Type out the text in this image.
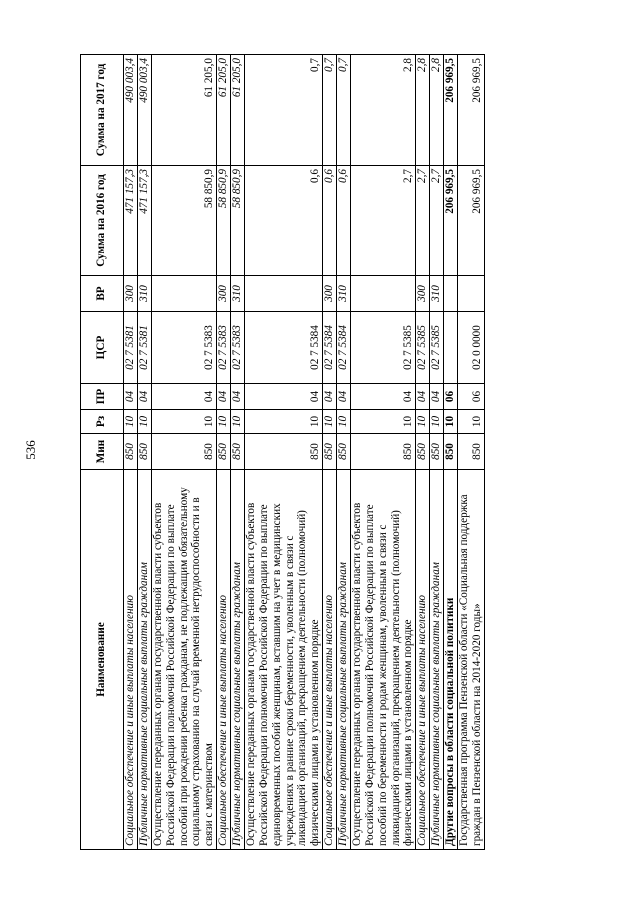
536
Наименование	Мин	Рз	ПР	ЦСР	ВР	Сумма на 2016 год	Сумма на 2017 год
Социальное обеспечение и иные выплаты населению	850	10	04	02 7 5381	300	471 157,3	490 003,4
Публичные нормативные социальные выплаты гражданам	850	10	04	02 7 5381	310	471 157,3	490 003,4
Осуществление переданных органам государственной власти субъектов Российской Федерации полномочий Российской Федерации по выплате пособий при рождении ребенка гражданам, не подлежащим обязательному социальному страхованию на случай временной нетрудоспособности и в связи с материнством	850	10	04	02 7 5383		58 850,9	61 205,0
Социальное обеспечение и иные выплаты населению	850	10	04	02 7 5383	300	58 850,9	61 205,0
Публичные нормативные социальные выплаты гражданам	850	10	04	02 7 5383	310	58 850,9	61 205,0
Осуществление переданных органам государственной власти субъектов Российской Федерации полномочий Российской Федерации по выплате единовременных пособий женщинам, вставшим на учет в медицинских учреждениях в ранние сроки беременности, уволенным в связи с ликвидацией организаций, прекращением деятельности (полномочий) физическими лицами в установленном порядке	850	10	04	02 7 5384		0,6	0,7
Социальное обеспечение и иные выплаты населению	850	10	04	02 7 5384	300	0,6	0,7
Публичные нормативные социальные выплаты гражданам	850	10	04	02 7 5384	310	0,6	0,7
Осуществление переданных органам государственной власти субъектов Российской Федерации полномочий Российской Федерации по выплате пособий по беременности и родам женщинам, уволенным в связи с ликвидацией организаций, прекращением деятельности (полномочий) физическими лицами в установленном порядке	850	10	04	02 7 5385		2,7	2,8
Социальное обеспечение и иные выплаты населению	850	10	04	02 7 5385	300	2,7	2,8
Публичные нормативные социальные выплаты гражданам	850	10	04	02 7 5385	310	2,7	2,8
Другие вопросы в области социальной политики	850	10	06			206 969,5	206 969,5
Государственная программа Пензенской области «Социальная поддержка граждан в Пензенской области на 2014-2020 годы»	850	10	06	02 0 0000		206 969,5	206 969,5
